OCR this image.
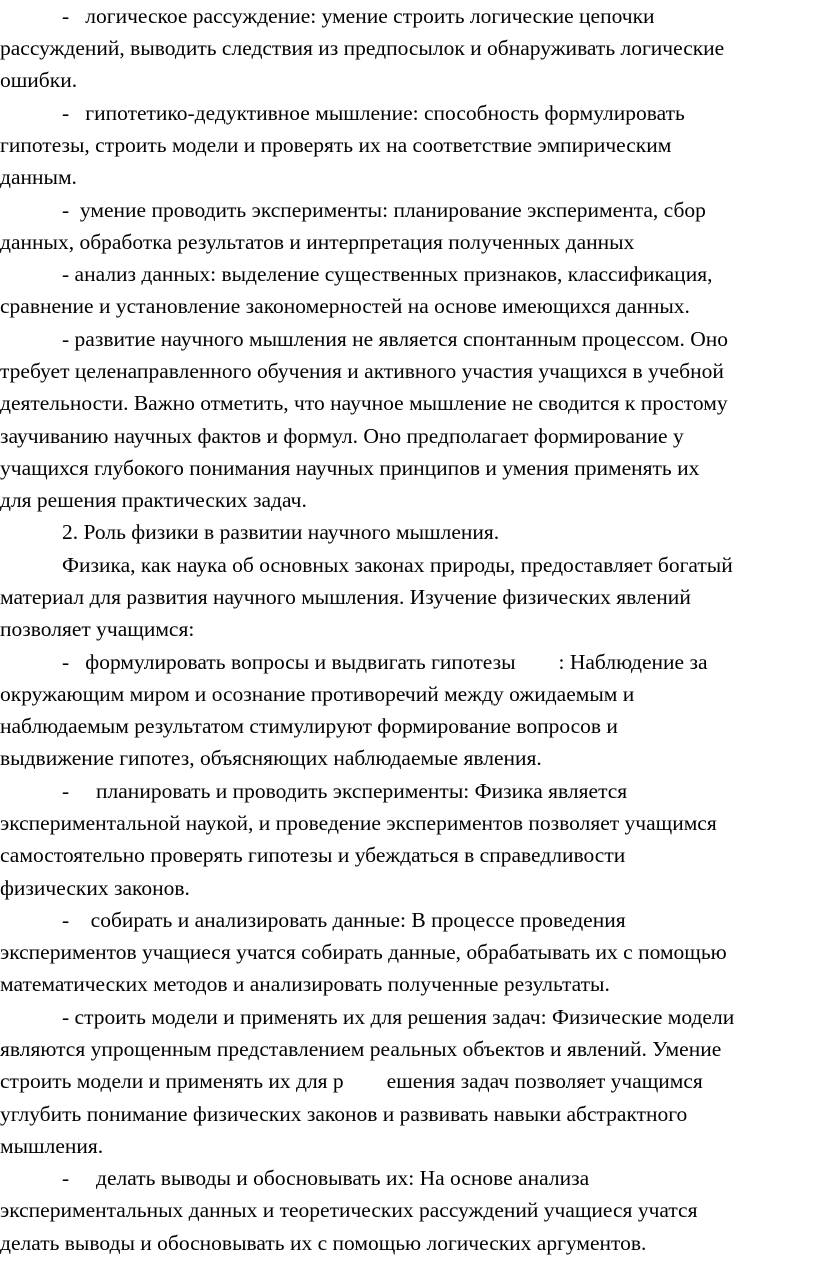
-   логическое рассуждение: умение строить логические цепочки
рассуждений, выводить следствия из предпосылок и обнаруживать логические
ошибки.
-   гипотетико-дедуктивное мышление: способность формулировать
гипотезы, строить модели и проверять их на соответствие эмпирическим
данным.
-  умение проводить эксперименты: планирование эксперимента, сбор
данных, обработка результатов и интерпретация полученных данных
- анализ данных: выделение существенных признаков, классификация,
сравнение и установление закономерностей на основе имеющихся данных.
- развитие научного мышления не является спонтанным процессом. Оно
требует целенаправленного обучения и активного участия учащихся в учебной
деятельности. Важно отметить, что научное мышление не сводится к простому
заучиванию научных фактов и формул. Оно предполагает формирование у
учащихся глубокого понимания научных принципов и умения применять их
для решения практических задач.
2. Роль физики в развитии научного мышления.
Физика, как наука об основных законах природы, предоставляет богатый
материал для развития научного мышления. Изучение физических явлений
позволяет учащимся:
-   формулировать вопросы и выдвигать гипотезы        : Наблюдение за
окружающим миром и осознание противоречий между ожидаемым и
наблюдаемым результатом стимулируют формирование вопросов и
выдвижение гипотез, объясняющих наблюдаемые явления.
-     планировать и проводить эксперименты: Физика является
экспериментальной наукой, и проведение экспериментов позволяет учащимся
самостоятельно проверять гипотезы и убеждаться в справедливости
физических законов.
-    собирать и анализировать данные: В процессе проведения
экспериментов учащиеся учатся собирать данные, обрабатывать их с помощью
математических методов и анализировать полученные результаты.
- строить модели и применять их для решения задач: Физические модели
являются упрощенным представлением реальных объектов и явлений. Умение
строить модели и применять их для р        ешения задач позволяет учащимся
углубить понимание физических законов и развивать навыки абстрактного
мышления.
-     делать выводы и обосновывать их: На основе анализа
экспериментальных данных и теоретических рассуждений учащиеся учатся
делать выводы и обосновывать их с помощью логических аргументов.
